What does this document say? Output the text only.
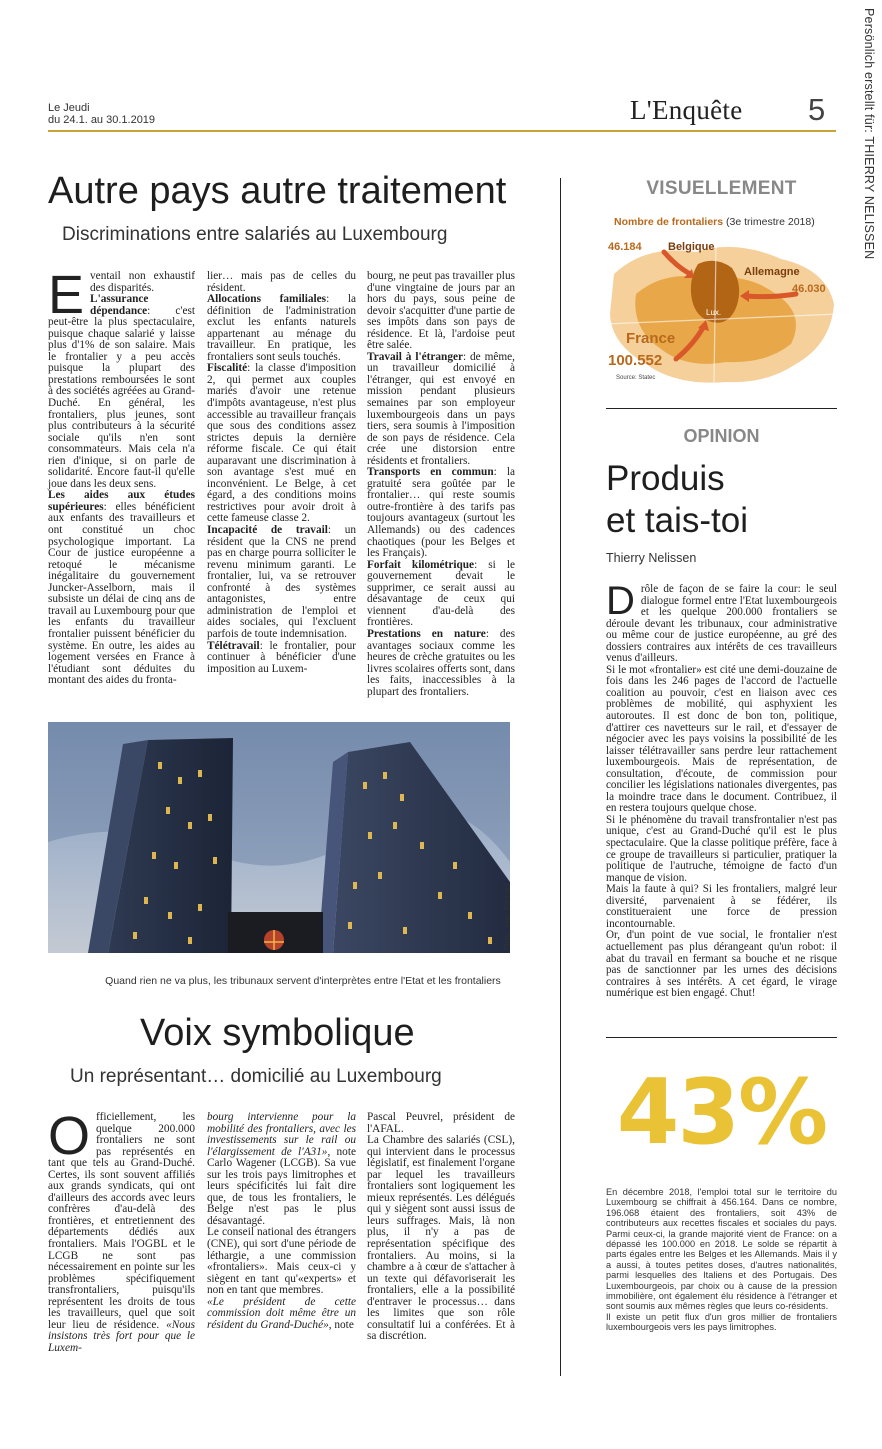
Persönlich erstellt für: THIERRY NELISSEN
Le Jeudi
du 24.1. au 30.1.2019	L'Enquête 5
Autre pays autre traitement
Discriminations entre salariés au Luxembourg
E ventail non exhaustif des disparités.

L'assurance dépendance: c'est peut-être la plus spectaculaire, puisque chaque salarié y laisse plus d'1% de son salaire. Mais le frontalier y a peu accès puisque la plupart des prestations remboursées le sont à des sociétés agréées au Grand-Duché. En général, les frontaliers, plus jeunes, sont plus contributeurs à la sécurité sociale qu'ils n'en sont consommateurs. Mais cela n'a rien d'inique, si on parle de solidarité. Encore faut-il qu'elle joue dans les deux sens.

Les aides aux études supérieures: elles bénéficient aux enfants des travailleurs et ont constitué un choc psychologique important. La Cour de justice européenne a retoqué le mécanisme inégalitaire du gouvernement Juncker-Asselborn, mais il subsiste un délai de cinq ans de travail au Luxembourg pour que les enfants du travailleur frontalier puissent bénéficier du système. En outre, les aides au logement versées en France à l'étudiant sont déduites du montant des aides du fronta-

lier… mais pas de celles du résident.

Allocations familiales: la définition de l'administration exclut les enfants naturels appartenant au ménage du travailleur. En pratique, les frontaliers sont seuls touchés.

Fiscalité: la classe d'imposition 2, qui permet aux couples mariés d'avoir une retenue d'impôts avantageuse, n'est plus accessible au travailleur français que sous des conditions assez strictes depuis la dernière réforme fiscale. Ce qui était auparavant une discrimination à son avantage s'est mué en inconvénient. Le Belge, à cet égard, a des conditions moins restrictives pour avoir droit à cette fameuse classe 2.

Incapacité de travail: un résident que la CNS ne prend pas en charge pourra solliciter le revenu minimum garanti. Le frontalier, lui, va se retrouver confronté à des systèmes antagonistes, entre administration de l'emploi et aides sociales, qui l'excluent parfois de toute indemnisation.

Télétravail: le frontalier, pour continuer à bénéficier d'une imposition au Luxem-

bourg, ne peut pas travailler plus d'une vingtaine de jours par an hors du pays, sous peine de devoir s'acquitter d'une partie de ses impôts dans son pays de résidence. Et là, l'ardoise peut être salée.

Travail à l'étranger: de même, un travailleur domicilié à l'étranger, qui est envoyé en mission pendant plusieurs semaines par son employeur luxembourgeois dans un pays tiers, sera soumis à l'imposition de son pays de résidence. Cela crée une distorsion entre résidents et frontaliers.

Transports en commun: la gratuité sera goûtée par le frontalier… qui reste soumis outre-frontière à des tarifs pas toujours avantageux (surtout les Allemands) ou des cadences chaotiques (pour les Belges et les Français).

Forfait kilométrique: si le gouvernement devait le supprimer, ce serait aussi au désavantage de ceux qui viennent d'au-delà des frontières.

Prestations en nature: des avantages sociaux comme les heures de crèche gratuites ou les livres scolaires offerts sont, dans les faits, inaccessibles à la plupart des frontaliers.

Photo: Alain Rischard
Quand rien ne va plus, les tribunaux servent d'interprètes entre l'Etat et les frontaliers
Voix symbolique
Un représentant… domicilié au Luxembourg
O fficiellement, les quelque 200.000 frontaliers ne sont pas représentés en tant que tels au Grand-Duché. Certes, ils sont souvent affiliés aux grands syndicats, qui ont d'ailleurs des accords avec leurs confrères d'au-delà des frontières, et entretiennent des départements dédiés aux frontaliers. Mais l'OGBL et le LCGB ne sont pas nécessairement en pointe sur les problèmes spécifiquement transfrontaliers, puisqu'ils représentent les droits de tous les travailleurs, quel que soit leur lieu de résidence. «Nous insistons très fort pour que le Luxem-

bourg intervienne pour la mobilité des frontaliers, avec les investissements sur le rail ou l'élargissement de l'A31», note Carlo Wagener (LCGB). Sa vue sur les trois pays limitrophes et leurs spécificités lui fait dire que, de tous les frontaliers, le Belge n'est pas le plus désavantagé.

Le conseil national des étrangers (CNE), qui sort d'une période de léthargie, a une commission «frontaliers». Mais ceux-ci y siègent en tant qu'«experts» et non en tant que membres.

«Le président de cette commission doit même être un résident du Grand-Duché», note

Pascal Peuvrel, président de l'AFAL.

La Chambre des salariés (CSL), qui intervient dans le processus législatif, est finalement l'organe par lequel les travailleurs frontaliers sont logiquement les mieux représentés. Les délégués qui y siègent sont aussi issus de leurs suffrages. Mais, là non plus, il n'y a pas de représentation spécifique des frontaliers. Au moins, si la chambre a à cœur de s'attacher à un texte qui défavoriserait les frontaliers, elle a la possibilité d'entraver le processus… dans les limites que son rôle consultatif lui a conférées. Et à sa discrétion.

VISUELLEMENT
Nombre de frontaliers (3e trimestre 2018)
46.184 Belgique
Allemagne
46.030
Lux.
France
100.552
Source: Statec
OPINION
Produis
et tais-toi
Thierry Nelissen
D rôle de façon de se faire la cour: le seul dialogue formel entre l'Etat luxembourgeois et les quelque 200.000 frontaliers se déroule devant les tribunaux, cour administrative ou même cour de justice européenne, au gré des dossiers contraires aux intérêts de ces travailleurs venus d'ailleurs.

Si le mot «frontalier» est cité une demi-douzaine de fois dans les 246 pages de l'accord de l'actuelle coalition au pouvoir, c'est en liaison avec ces problèmes de mobilité, qui asphyxient les autoroutes. Il est donc de bon ton, politique, d'attirer ces navetteurs sur le rail, et d'essayer de négocier avec les pays voisins la possibilité de les laisser télétravailler sans perdre leur rattachement luxembourgeois. Mais de représentation, de consultation, d'écoute, de commission pour concilier les législations nationales divergentes, pas la moindre trace dans le document. Contribuez, il en restera toujours quelque chose.

Si le phénomène du travail transfrontalier n'est pas unique, c'est au Grand-Duché qu'il est le plus spectaculaire. Que la classe politique préfère, face à ce groupe de travailleurs si particulier, pratiquer la politique de l'autruche, témoigne de facto d'un manque de vision.

Mais la faute à qui? Si les frontaliers, malgré leur diversité, parvenaient à se fédérer, ils constitueraient une force de pression incontournable.

Or, d'un point de vue social, le frontalier n'est actuellement pas plus dérangeant qu'un robot: il abat du travail en fermant sa bouche et ne risque pas de sanctionner par les urnes des décisions contraires à ses intérêts. A cet égard, le virage numérique est bien engagé. Chut!

43%

En décembre 2018, l'emploi total sur le territoire du Luxembourg se chiffrait à 456.164. Dans ce nombre, 196.068 étaient des frontaliers, soit 43% de contributeurs aux recettes fiscales et sociales du pays. Parmi ceux-ci, la grande majorité vient de France: on a dépassé les 100.000 en 2018. Le solde se répartit à parts égales entre les Belges et les Allemands. Mais il y a aussi, à toutes petites doses, d'autres nationalités, parmi lesquelles des Italiens et des Portugais. Des Luxembourgeois, par choix ou à cause de la pression immobilière, ont également élu résidence à l'étranger et sont soumis aux mêmes règles que leurs co-résidents.

Il existe un petit flux d'un gros millier de frontaliers luxembourgeois vers les pays limitrophes.
